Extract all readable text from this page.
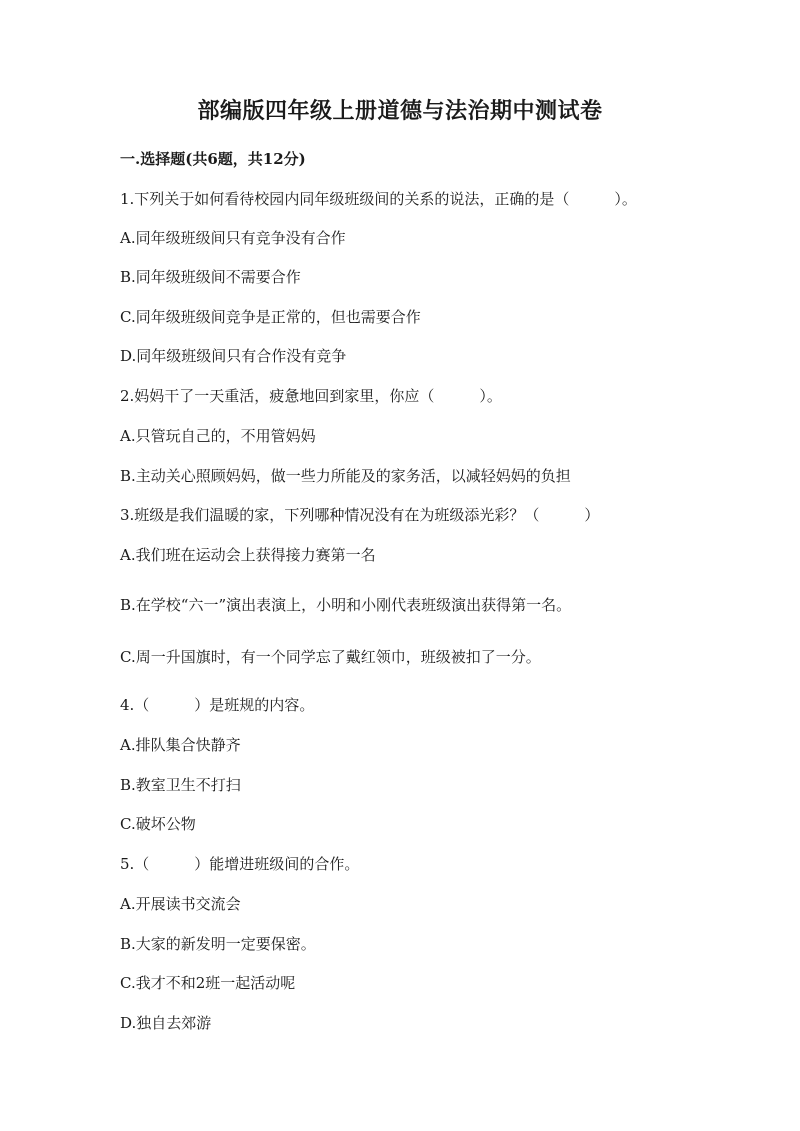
部编版四年级上册道德与法治期中测试卷
一.选择题(共6题，共12分)
1.下列关于如何看待校园内同年级班级间的关系的说法，正确的是（　　　）。
A.同年级班级间只有竞争没有合作
B.同年级班级间不需要合作
C.同年级班级间竞争是正常的，但也需要合作
D.同年级班级间只有合作没有竞争
2.妈妈干了一天重活，疲惫地回到家里，你应（　　　）。
A.只管玩自己的，不用管妈妈
B.主动关心照顾妈妈，做一些力所能及的家务活，以减轻妈妈的负担
3.班级是我们温暖的家，下列哪种情况没有在为班级添光彩？（　　　）
A.我们班在运动会上获得接力赛第一名
B.在学校“六一”演出表演上，小明和小刚代表班级演出获得第一名。
C.周一升国旗时，有一个同学忘了戴红领巾，班级被扣了一分。
4.（　　　）是班规的内容。
A.排队集合快静齐
B.教室卫生不打扫
C.破坏公物
5.（　　　）能增进班级间的合作。
A.开展读书交流会
B.大家的新发明一定要保密。
C.我才不和2班一起活动呢
D.独自去郊游
